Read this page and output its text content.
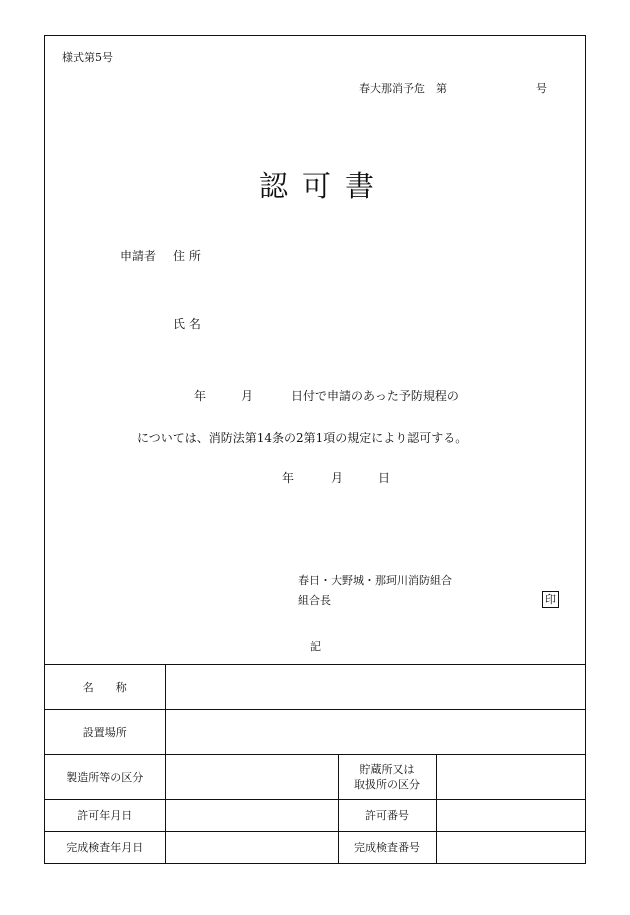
様式第5号
春大那消予危　第	号
認可書
申請者 住 所
氏 名
年	月	日付で申請のあった予防規程の
については、消防法第14条の2第1項の規定により認可する。
年	月	日
春日・大野城・那珂川消防組合
組合長	印
記
名　　称			
設置場所			
製造所等の区分		貯蔵所又は
取扱所の区分	

許可年月日		許可番号	
完成検査年月日		完成検査番号	
